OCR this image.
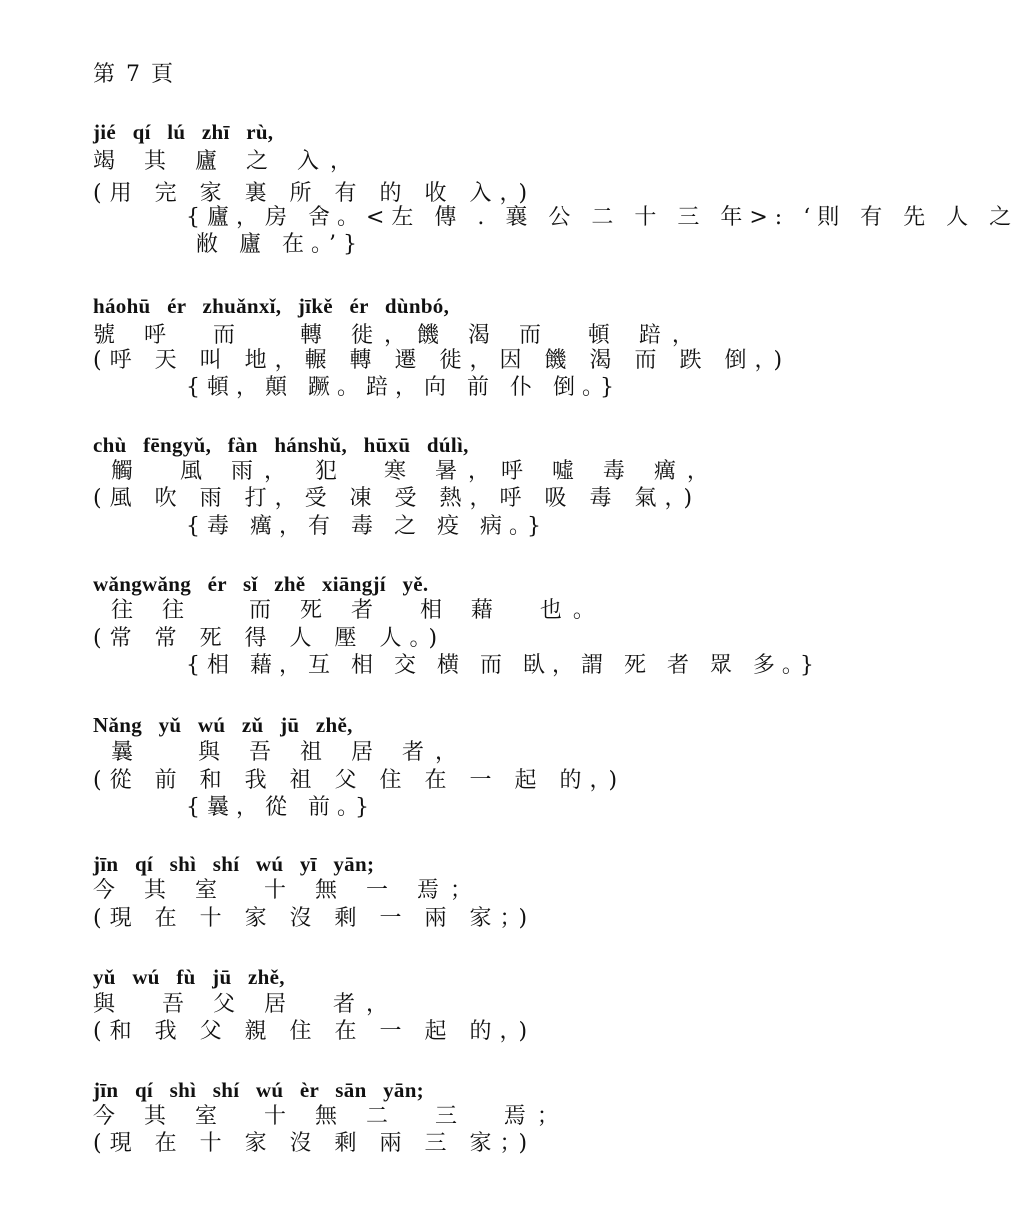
第 7 頁
jié qí lú zhī rù,
竭 其 廬 之 入，
(用 完 家 裏 所 有 的 收 入，)
{廬，房 舍。<左 傳 . 襄 公 二 十 三 年>: ‘則 有 先 人 之
敝 廬 在。’}
háohū ér zhuǎnxǐ, jīkě ér dùnbó,
號 呼  而   轉 徙，饑 渴 而  頓 踣，
(呼 天 叫 地，輾 轉 遷 徙，因 饑 渴 而 跌 倒，)
{頓，顛 蹶。踣，向 前 仆 倒。}
chù fēngyǔ, fàn hánshǔ, hūxū dúlì,
觸  風 雨， 犯  寒 暑，呼 噓 毒 癘，
(風 吹 雨 打，受 凍 受 熱，呼 吸 毒 氣，)
{毒 癘，有 毒 之 疫 病。}
wǎngwǎng ér sǐ zhě xiāngjí yě.
往 往   而 死 者  相 藉  也。
(常 常 死 得 人 壓 人。)
{相 藉，互 相 交 横 而 臥，謂 死 者 眾 多。}
Nǎng yǔ wú zǔ jū zhě,
曩   與 吾 祖 居 者，
(從 前 和 我 祖 父 住 在 一 起 的，)
{曩，從 前。}
jīn qí shì shí wú yī yān;
今 其 室  十 無 一 焉；
(現 在 十 家 沒 剩 一 兩 家；)
yǔ wú fù jū zhě,
與  吾 父 居  者，
(和 我 父 親 住 在 一 起 的，)
jīn qí shì shí wú èr sān yān;
今 其 室  十 無 二  三  焉；
(現 在 十 家 沒 剩 兩 三 家；)
